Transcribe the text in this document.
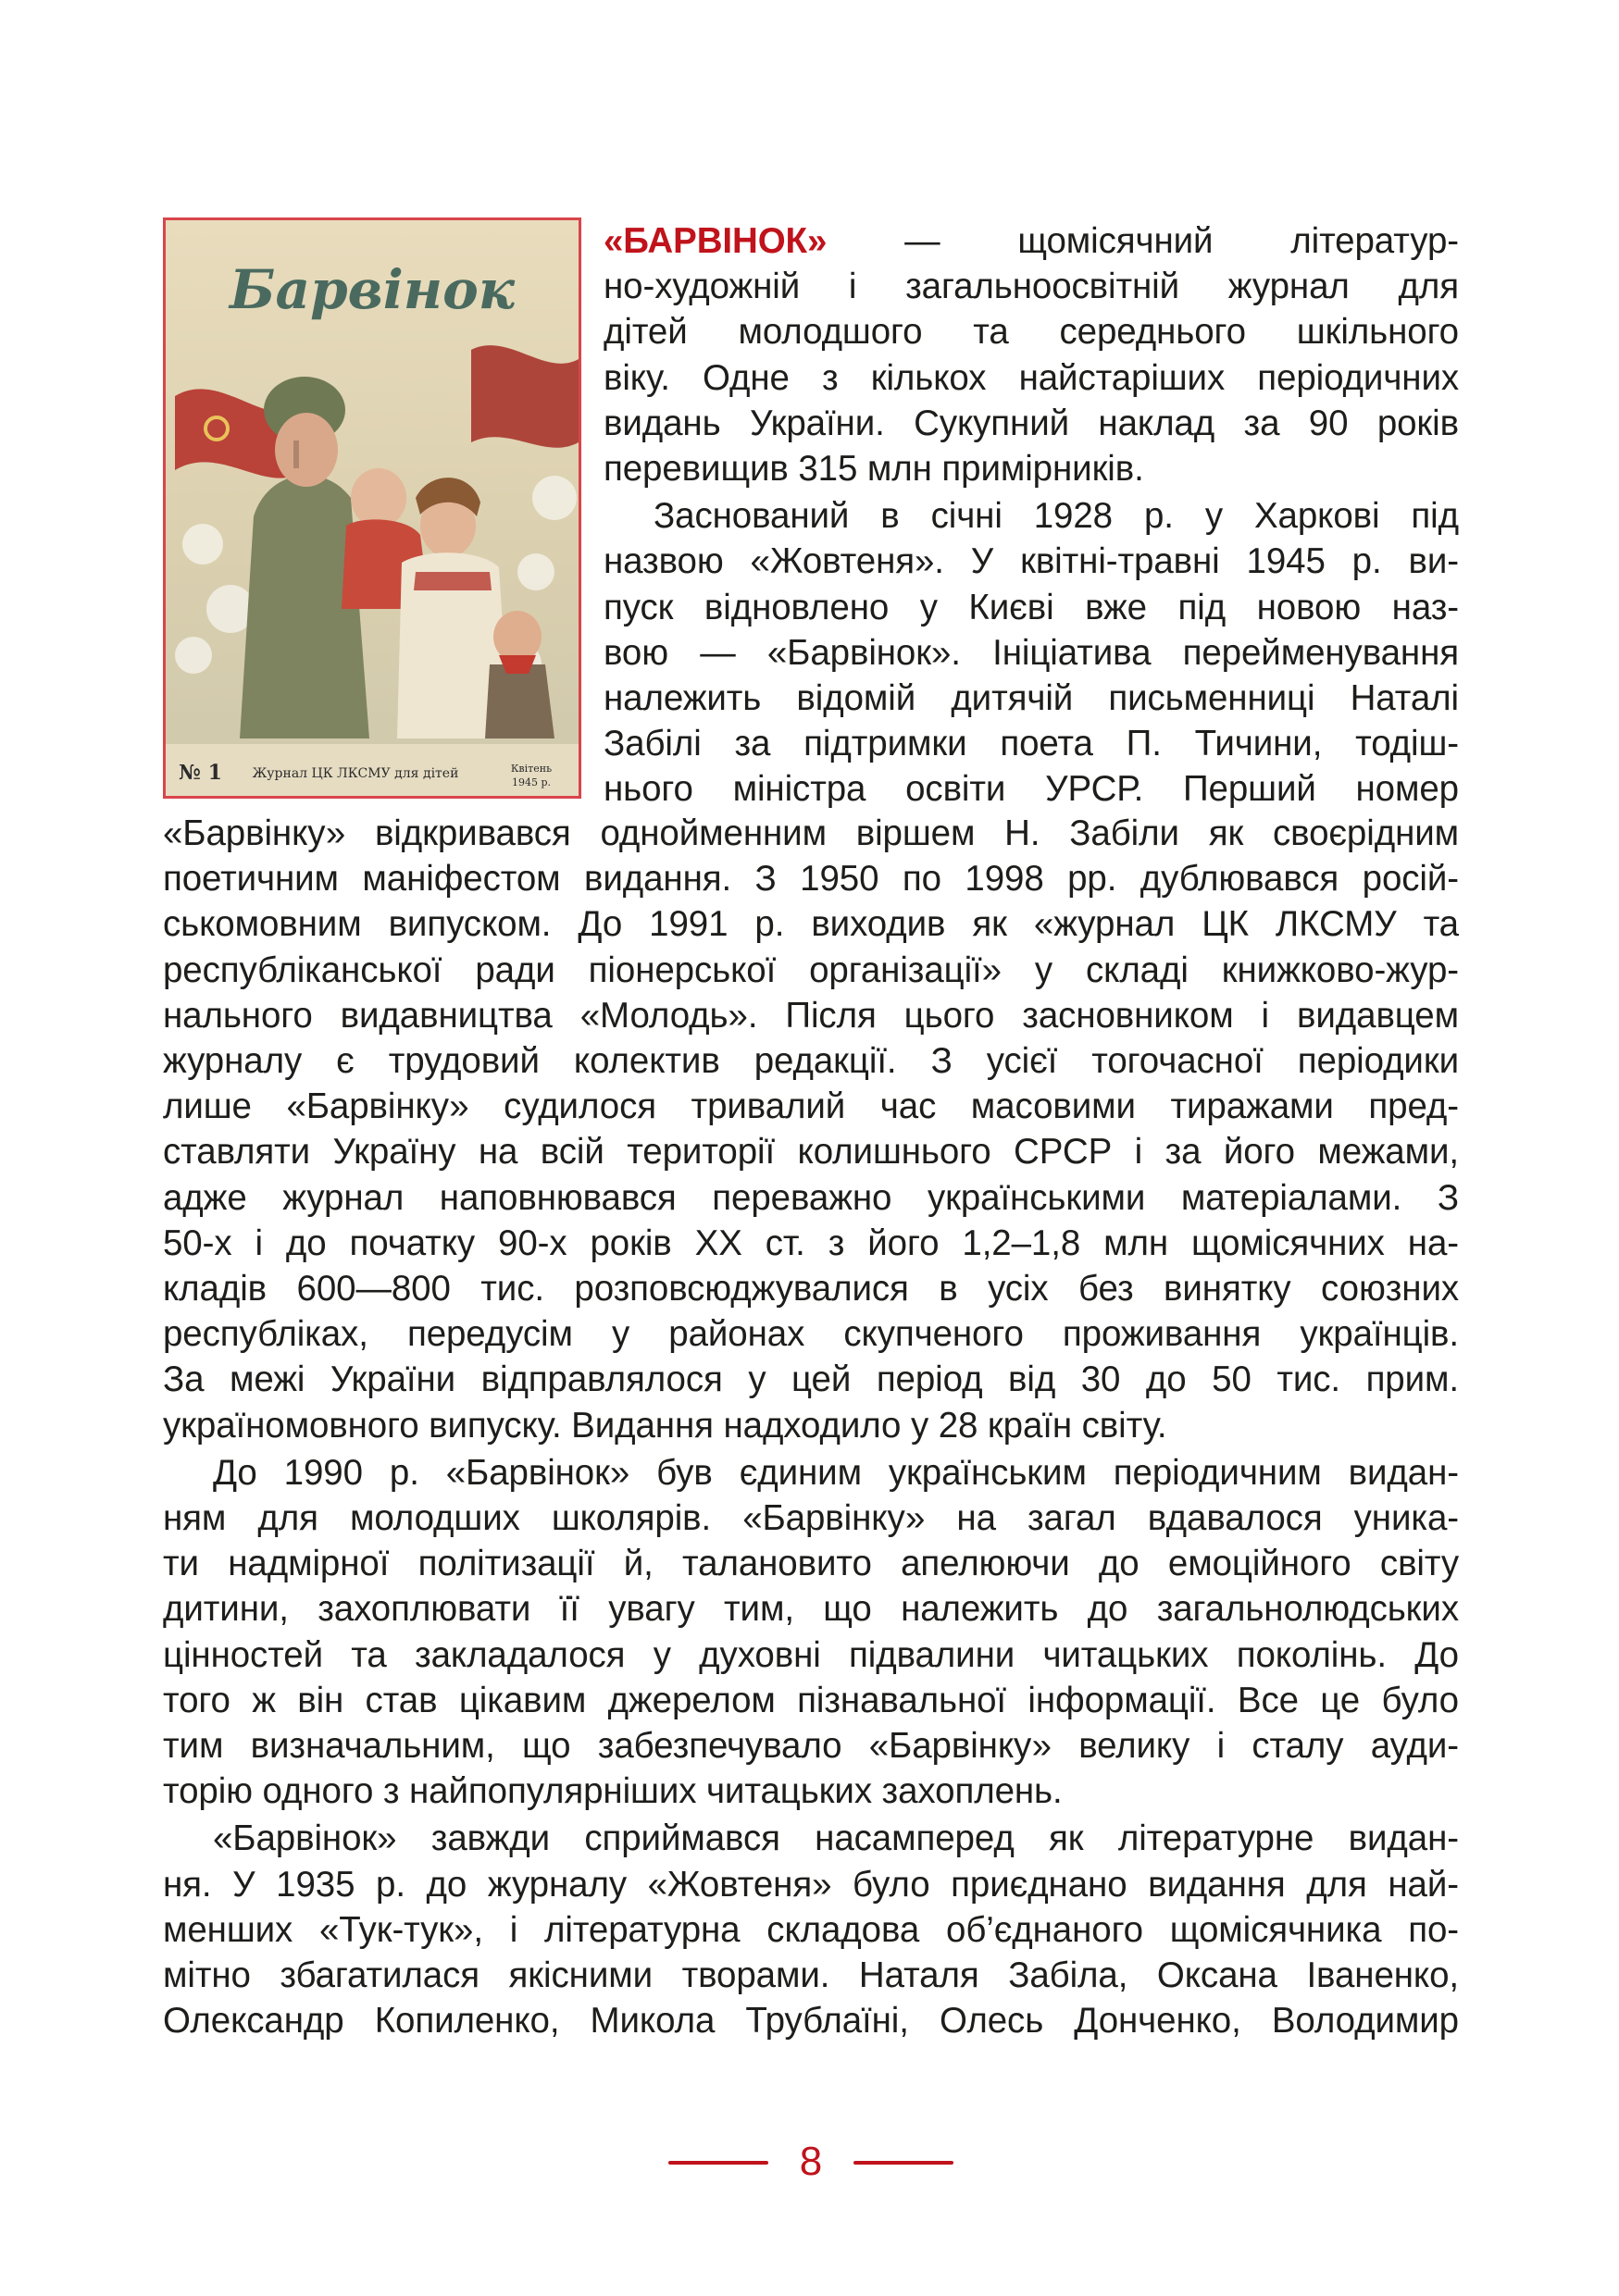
Барвінок
№ 1 Журнал ЦК ЛКСМУ для дітей	Квітень
1945 р.

«БАРВІНОК» — щомісячний літератур-

но-художній і загальноосвітній журнал для

дітей молодшого та середнього шкільного

віку. Одне з кількох найстаріших періодичних

видань України. Сукупний наклад за 90 років

перевищив 315 млн примірників.

Заснований в січні 1928 р. у Харкові під

назвою «Жовтеня». У квітні-травні 1945 р. ви-

пуск відновлено у Києві вже під новою наз-

вою — «Барвінок». Ініціатива перейменування

належить відомій дитячій письменниці Наталі

Забілі за підтримки поета П. Тичини, тодіш-

нього міністра освіти УРСР. Перший номер

«Барвінку» відкривався однойменним віршем Н. Забіли як своєрідним

поетичним маніфестом видання. З 1950 по 1998 рр. дублювався росій-

ськомовним випуском. До 1991 р. виходив як «журнал ЦК ЛКСМУ та

республіканської ради піонерської організації» у складі книжково-жур-

нального видавництва «Молодь». Після цього засновником і видавцем

журналу є трудовий колектив редакції. З усієї тогочасної періодики

лише «Барвінку» судилося тривалий час масовими тиражами пред-

ставляти Україну на всій території колишнього СРСР і за його межами,

адже журнал наповнювався переважно українськими матеріалами. З

50-х і до початку 90-х років ХХ ст. з його 1,2–1,8 млн щомісячних на-

кладів 600—800 тис. розповсюджувалися в усіх без винятку союзних

республіках, передусім у районах скупченого проживання українців.

За межі України відправлялося у цей період від 30 до 50 тис. прим.

україномовного випуску. Видання надходило у 28 країн світу.

До 1990 р. «Барвінок» був єдиним українським періодичним видан-

ням для молодших школярів. «Барвінку» на загал вдавалося уника-

ти надмірної політизації й, талановито апелюючи до емоційного світу

дитини, захоплювати її увагу тим, що належить до загальнолюдських

цінностей та закладалося у духовні підвалини читацьких поколінь. До

того ж він став цікавим джерелом пізнавальної інформації. Все це було

тим визначальним, що забезпечувало «Барвінку» велику і сталу ауди-

торію одного з найпопулярніших читацьких захоплень.

«Барвінок» завжди сприймався насамперед як літературне видан-

ня. У 1935 р. до журналу «Жовтеня» було приєднано видання для най-

менших «Тук-тук», і літературна складова об’єднаного щомісячника по-

мітно збагатилася якісними творами. Наталя Забіла, Оксана Іваненко,

Олександр Копиленко, Микола Трублаїні, Олесь Донченко, Володимир

8
